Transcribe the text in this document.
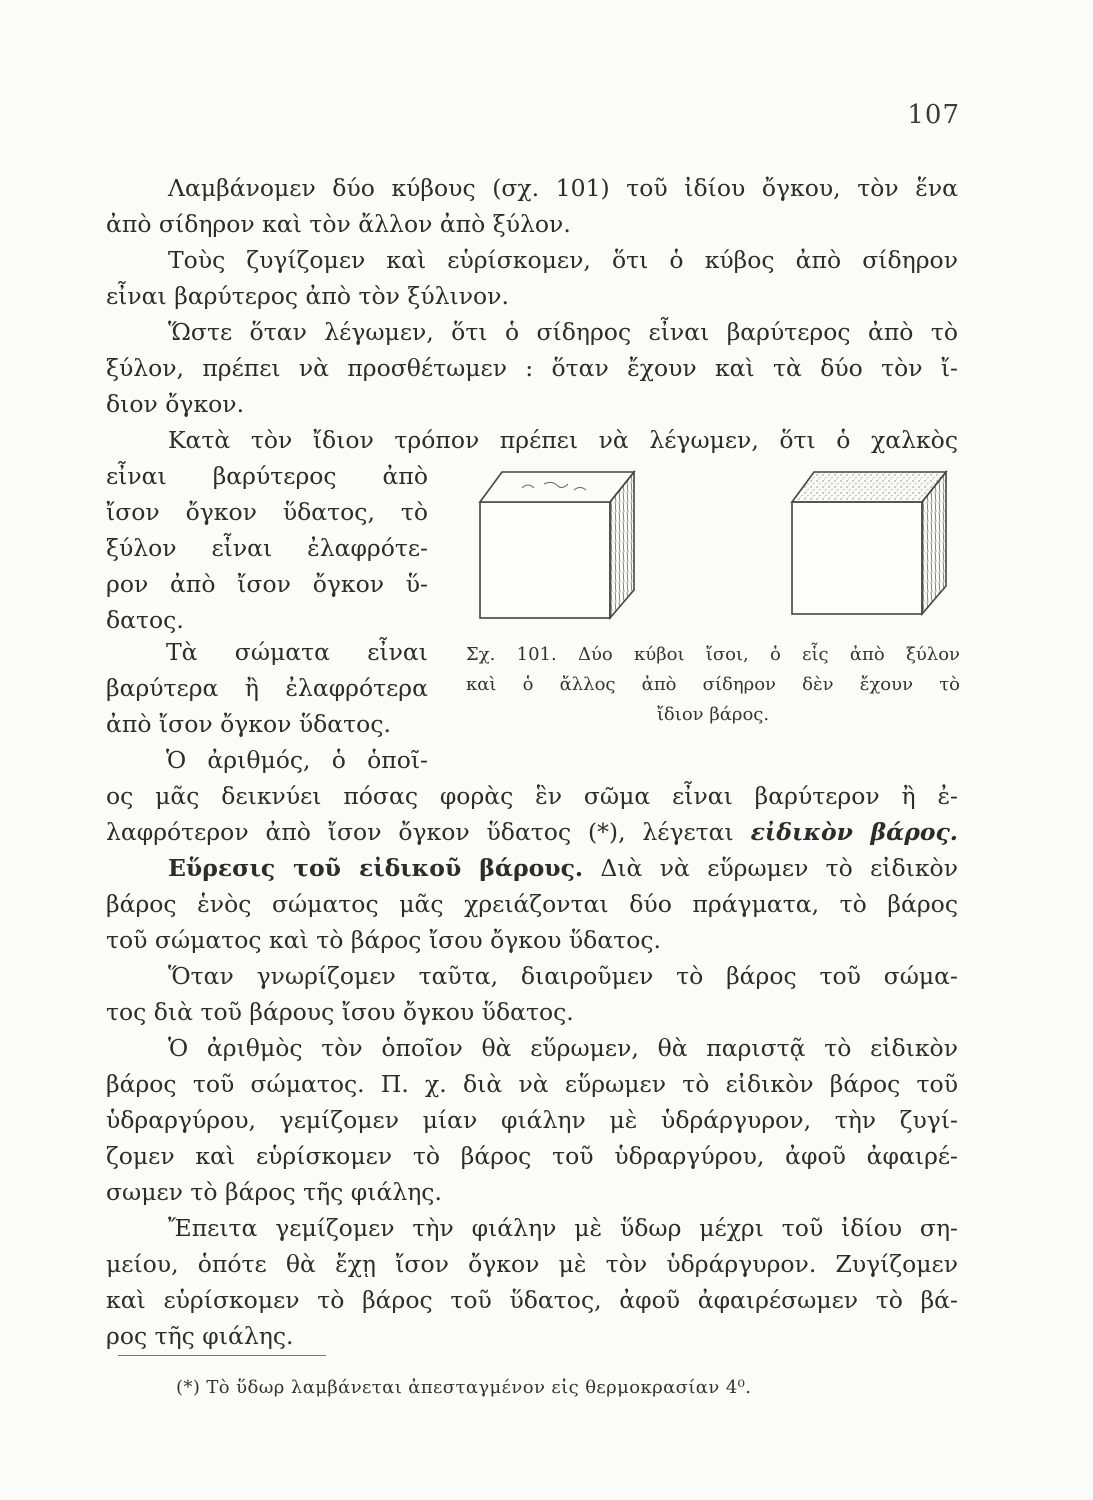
107
Λαμβάνομεν δύο κύβους (σχ. 101) τοῦ ἰδίου ὄγκου, τὸν ἕνα
ἀπὸ σίδηρον καὶ τὸν ἄλλον ἀπὸ ξύλον.
Τοὺς ζυγίζομεν καὶ εὑρίσκομεν, ὅτι ὁ κύβος ἀπὸ σίδηρον
εἶναι βαρύτερος ἀπὸ τὸν ξύλινον.
Ὥστε ὅταν λέγωμεν, ὅτι ὁ σίδηρος εἶναι βαρύτερος ἀπὸ τὸ
ξύλον, πρέπει νὰ προσθέτωμεν : ὅταν ἔχουν καὶ τὰ δύο τὸν ἴ-
διον ὄγκον.
Κατὰ τὸν ἴδιον τρόπον πρέπει νὰ λέγωμεν, ὅτι ὁ χαλκὸς
εἶναι βαρύτερος ἀπὸ
ἴσον ὄγκον ὕδατος, τὸ
ξύλον εἶναι ἐλαφρότε-
ρον ἀπὸ ἴσον ὄγκον ὕ-
δατος.
Τὰ σώματα εἶναι
βαρύτερα ἢ ἐλαφρότερα
ἀπὸ ἴσον ὄγκον ὕδατος.
Ὁ ἀριθμός, ὁ ὁποῖ-
Σχ. 101. Δύο κύβοι ἴσοι, ὁ εἷς ἀπὸ ξύλον
καὶ ὁ ἄλλος ἀπὸ σίδηρον δὲν ἔχουν τὸ
ἴδιον βάρος.
ος μᾶς δεικνύει πόσας φορὰς ἓν σῶμα εἶναι βαρύτερον ἢ ἐ-
λαφρότερον ἀπὸ ἴσον ὄγκον ὕδατος (*), λέγεται εἰδικὸν βάρος.
Εὕρεσις τοῦ εἰδικοῦ βάρους. Διὰ νὰ εὕρωμεν τὸ εἰδικὸν
βάρος ἑνὸς σώματος μᾶς χρειάζονται δύο πράγματα, τὸ βάρος
τοῦ σώματος καὶ τὸ βάρος ἴσου ὄγκου ὕδατος.
Ὅταν γνωρίζομεν ταῦτα, διαιροῦμεν τὸ βάρος τοῦ σώμα-
τος διὰ τοῦ βάρους ἴσου ὄγκου ὕδατος.
Ὁ ἀριθμὸς τὸν ὁποῖον θὰ εὕρωμεν, θὰ παριστᾷ τὸ εἰδικὸν
βάρος τοῦ σώματος. Π. χ. διὰ νὰ εὕρωμεν τὸ εἰδικὸν βάρος τοῦ
ὑδραργύρου, γεμίζομεν μίαν φιάλην μὲ ὑδράργυρον, τὴν ζυγί-
ζομεν καὶ εὑρίσκομεν τὸ βάρος τοῦ ὑδραργύρου, ἀφοῦ ἀφαιρέ-
σωμεν τὸ βάρος τῆς φιάλης.
Ἔπειτα γεμίζομεν τὴν φιάλην μὲ ὕδωρ μέχρι τοῦ ἰδίου ση-
μείου, ὁπότε θὰ ἔχῃ ἴσον ὄγκον μὲ τὸν ὑδράργυρον. Ζυγίζομεν
καὶ εὑρίσκομεν τὸ βάρος τοῦ ὕδατος, ἀφοῦ ἀφαιρέσωμεν τὸ βά-
ρος τῆς φιάλης.
(*) Τὸ ὕδωρ λαμβάνεται ἀπεσταγμένον εἰς θερμοκρασίαν 4⁰.
